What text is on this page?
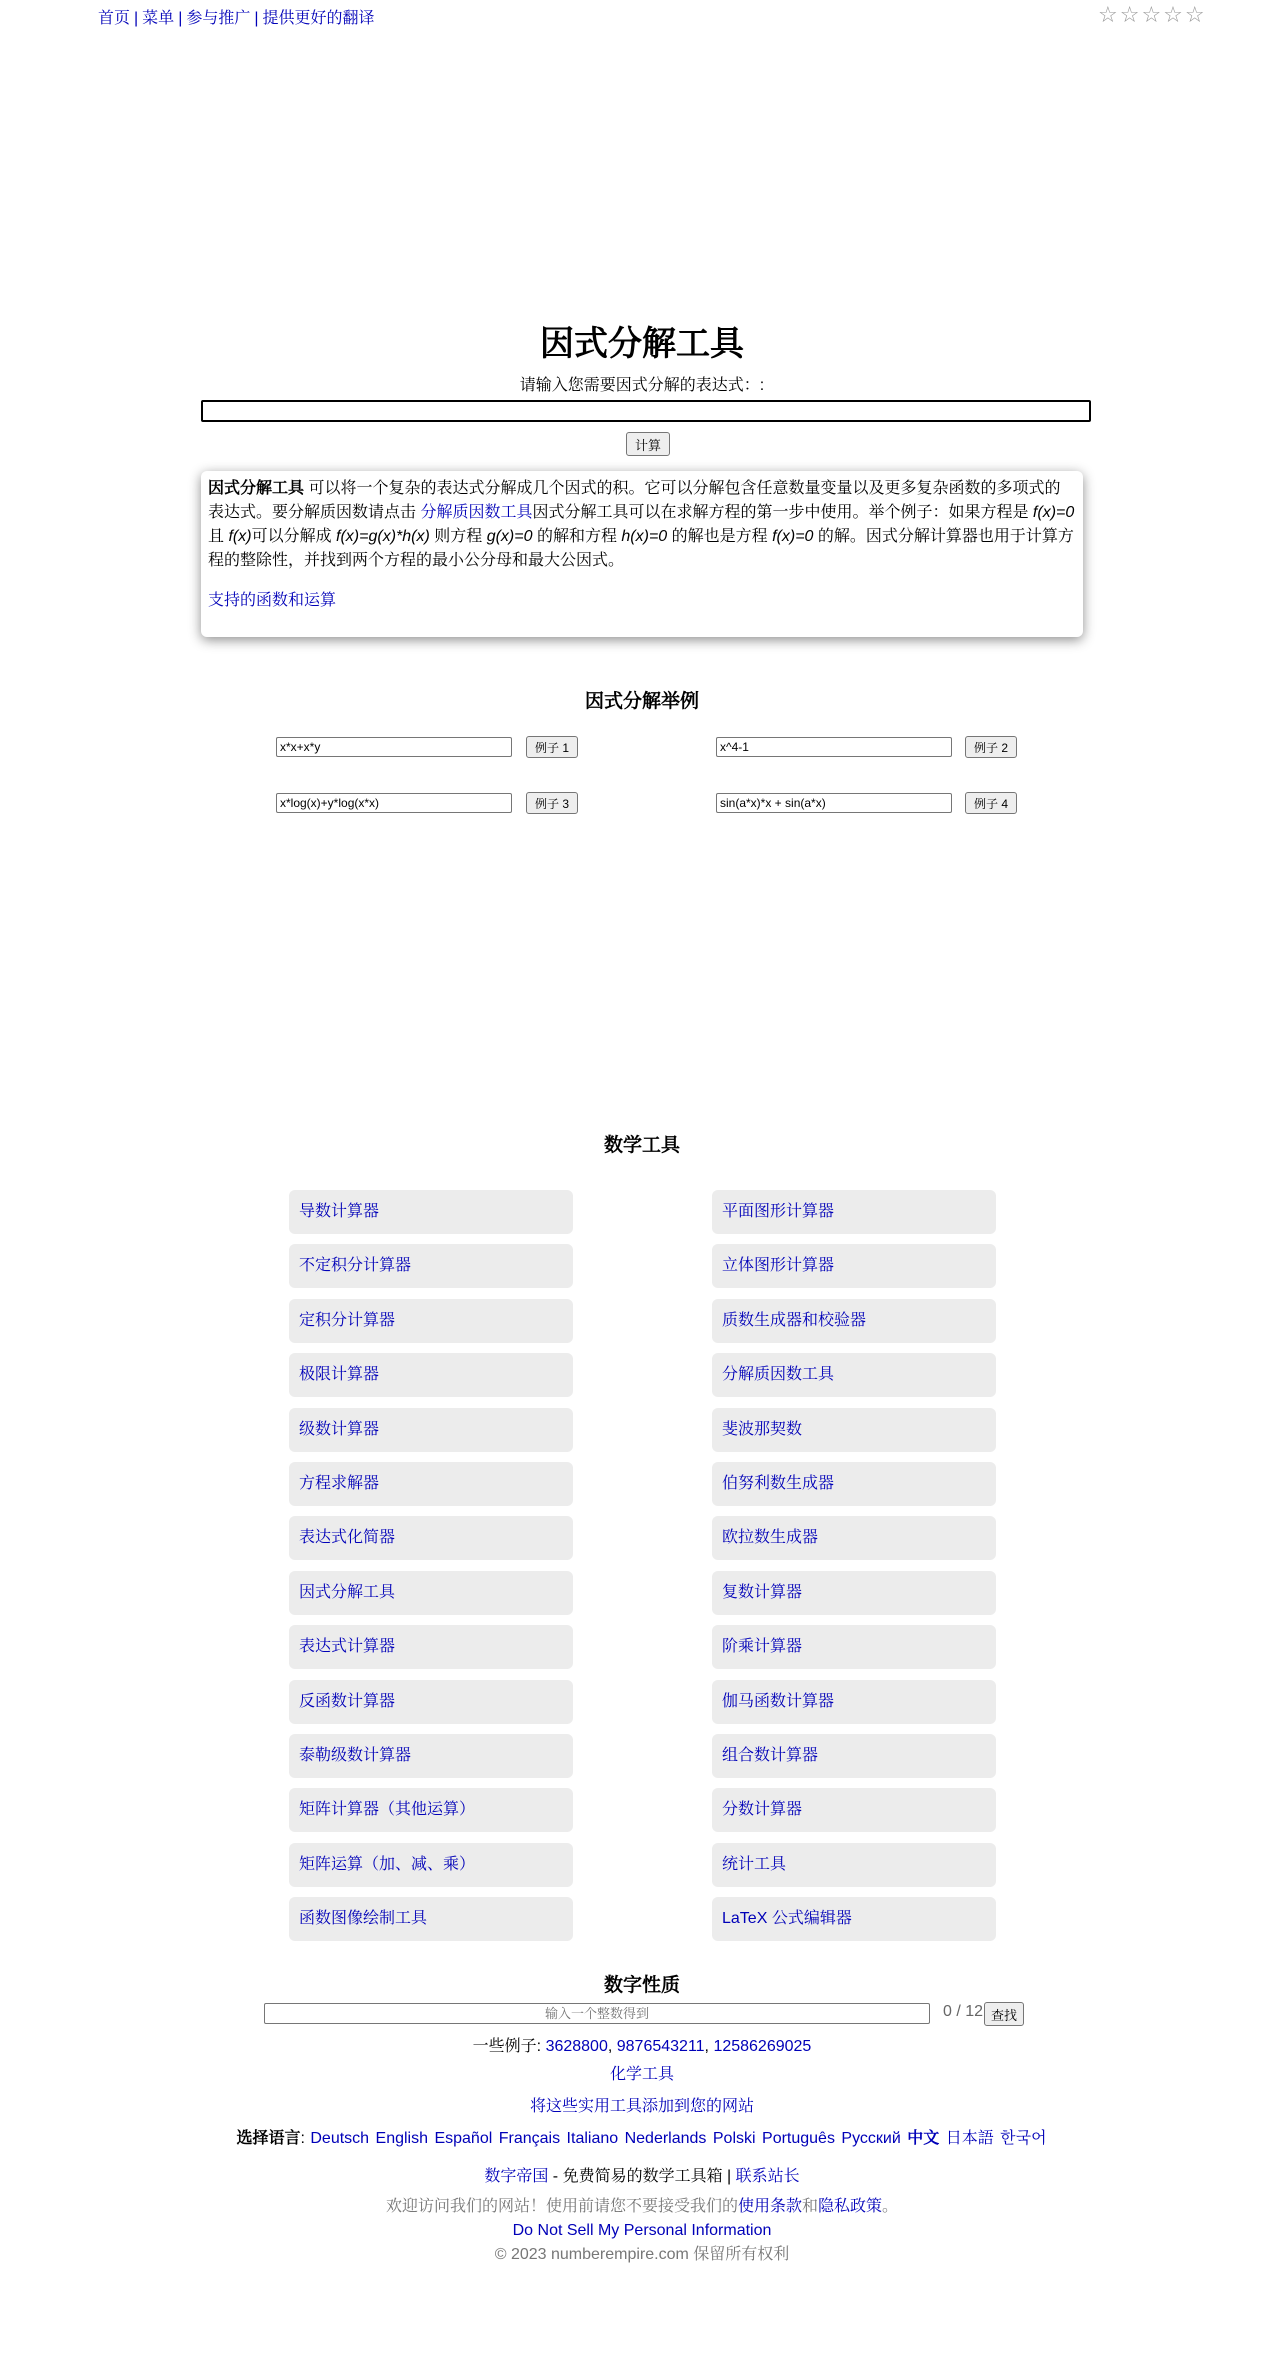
首页 | 菜单 | 参与推广 | 提供更好的翻译	☆☆☆☆☆
因式分解工具
请输入您需要因式分解的表达式：:
计算

因式分解工具 可以将一个复杂的表达式分解成几个因式的积。它可以分解包含任意数量变量以及更多复杂函数的多项式的表达式。要分解质因数请点击 分解质因数工具因式分解工具可以在求解方程的第一步中使用。举个例子：如果方程是 f(x)=0 且 f(x)可以分解成 f(x)=g(x)*h(x) 则方程 g(x)=0 的解和方程 h(x)=0 的解也是方程 f(x)=0 的解。因式分解计算器也用于计算方程的整除性，并找到两个方程的最小公分母和最大公因式。

支持的函数和运算
因式分解举例
x*x+x*y
例子 1
x^4-1	例子 2
x*log(x)+y*log(x*x)
例子 3
sin(a*x)*x + sin(a*x)	例子 4
数学工具
导数计算器
不定积分计算器
定积分计算器
极限计算器
级数计算器
方程求解器
表达式化简器
因式分解工具
表达式计算器
反函数计算器
泰勒级数计算器
矩阵计算器（其他运算）
矩阵运算（加、减、乘）
函数图像绘制工具
平面图形计算器
立体图形计算器
质数生成器和校验器
分解质因数工具
斐波那契数
伯努利数生成器
欧拉数生成器
复数计算器
阶乘计算器
伽马函数计算器
组合数计算器
分数计算器
统计工具
LaTeX 公式编辑器
数字性质
输入一个整数得到
0 / 12 查找
一些例子: 3628800, 9876543211, 12586269025
化学工具
将这些实用工具添加到您的网站
选择语言: Deutsch English Español Français Italiano Nederlands Polski Português Русский 中文 日本語 한국어
数字帝国 - 免费简易的数学工具箱 | 联系站长
欢迎访问我们的网站！使用前请您不要接受我们的使用条款和隐私政策。
Do Not Sell My Personal Information
© 2023 numberempire.com 保留所有权利
